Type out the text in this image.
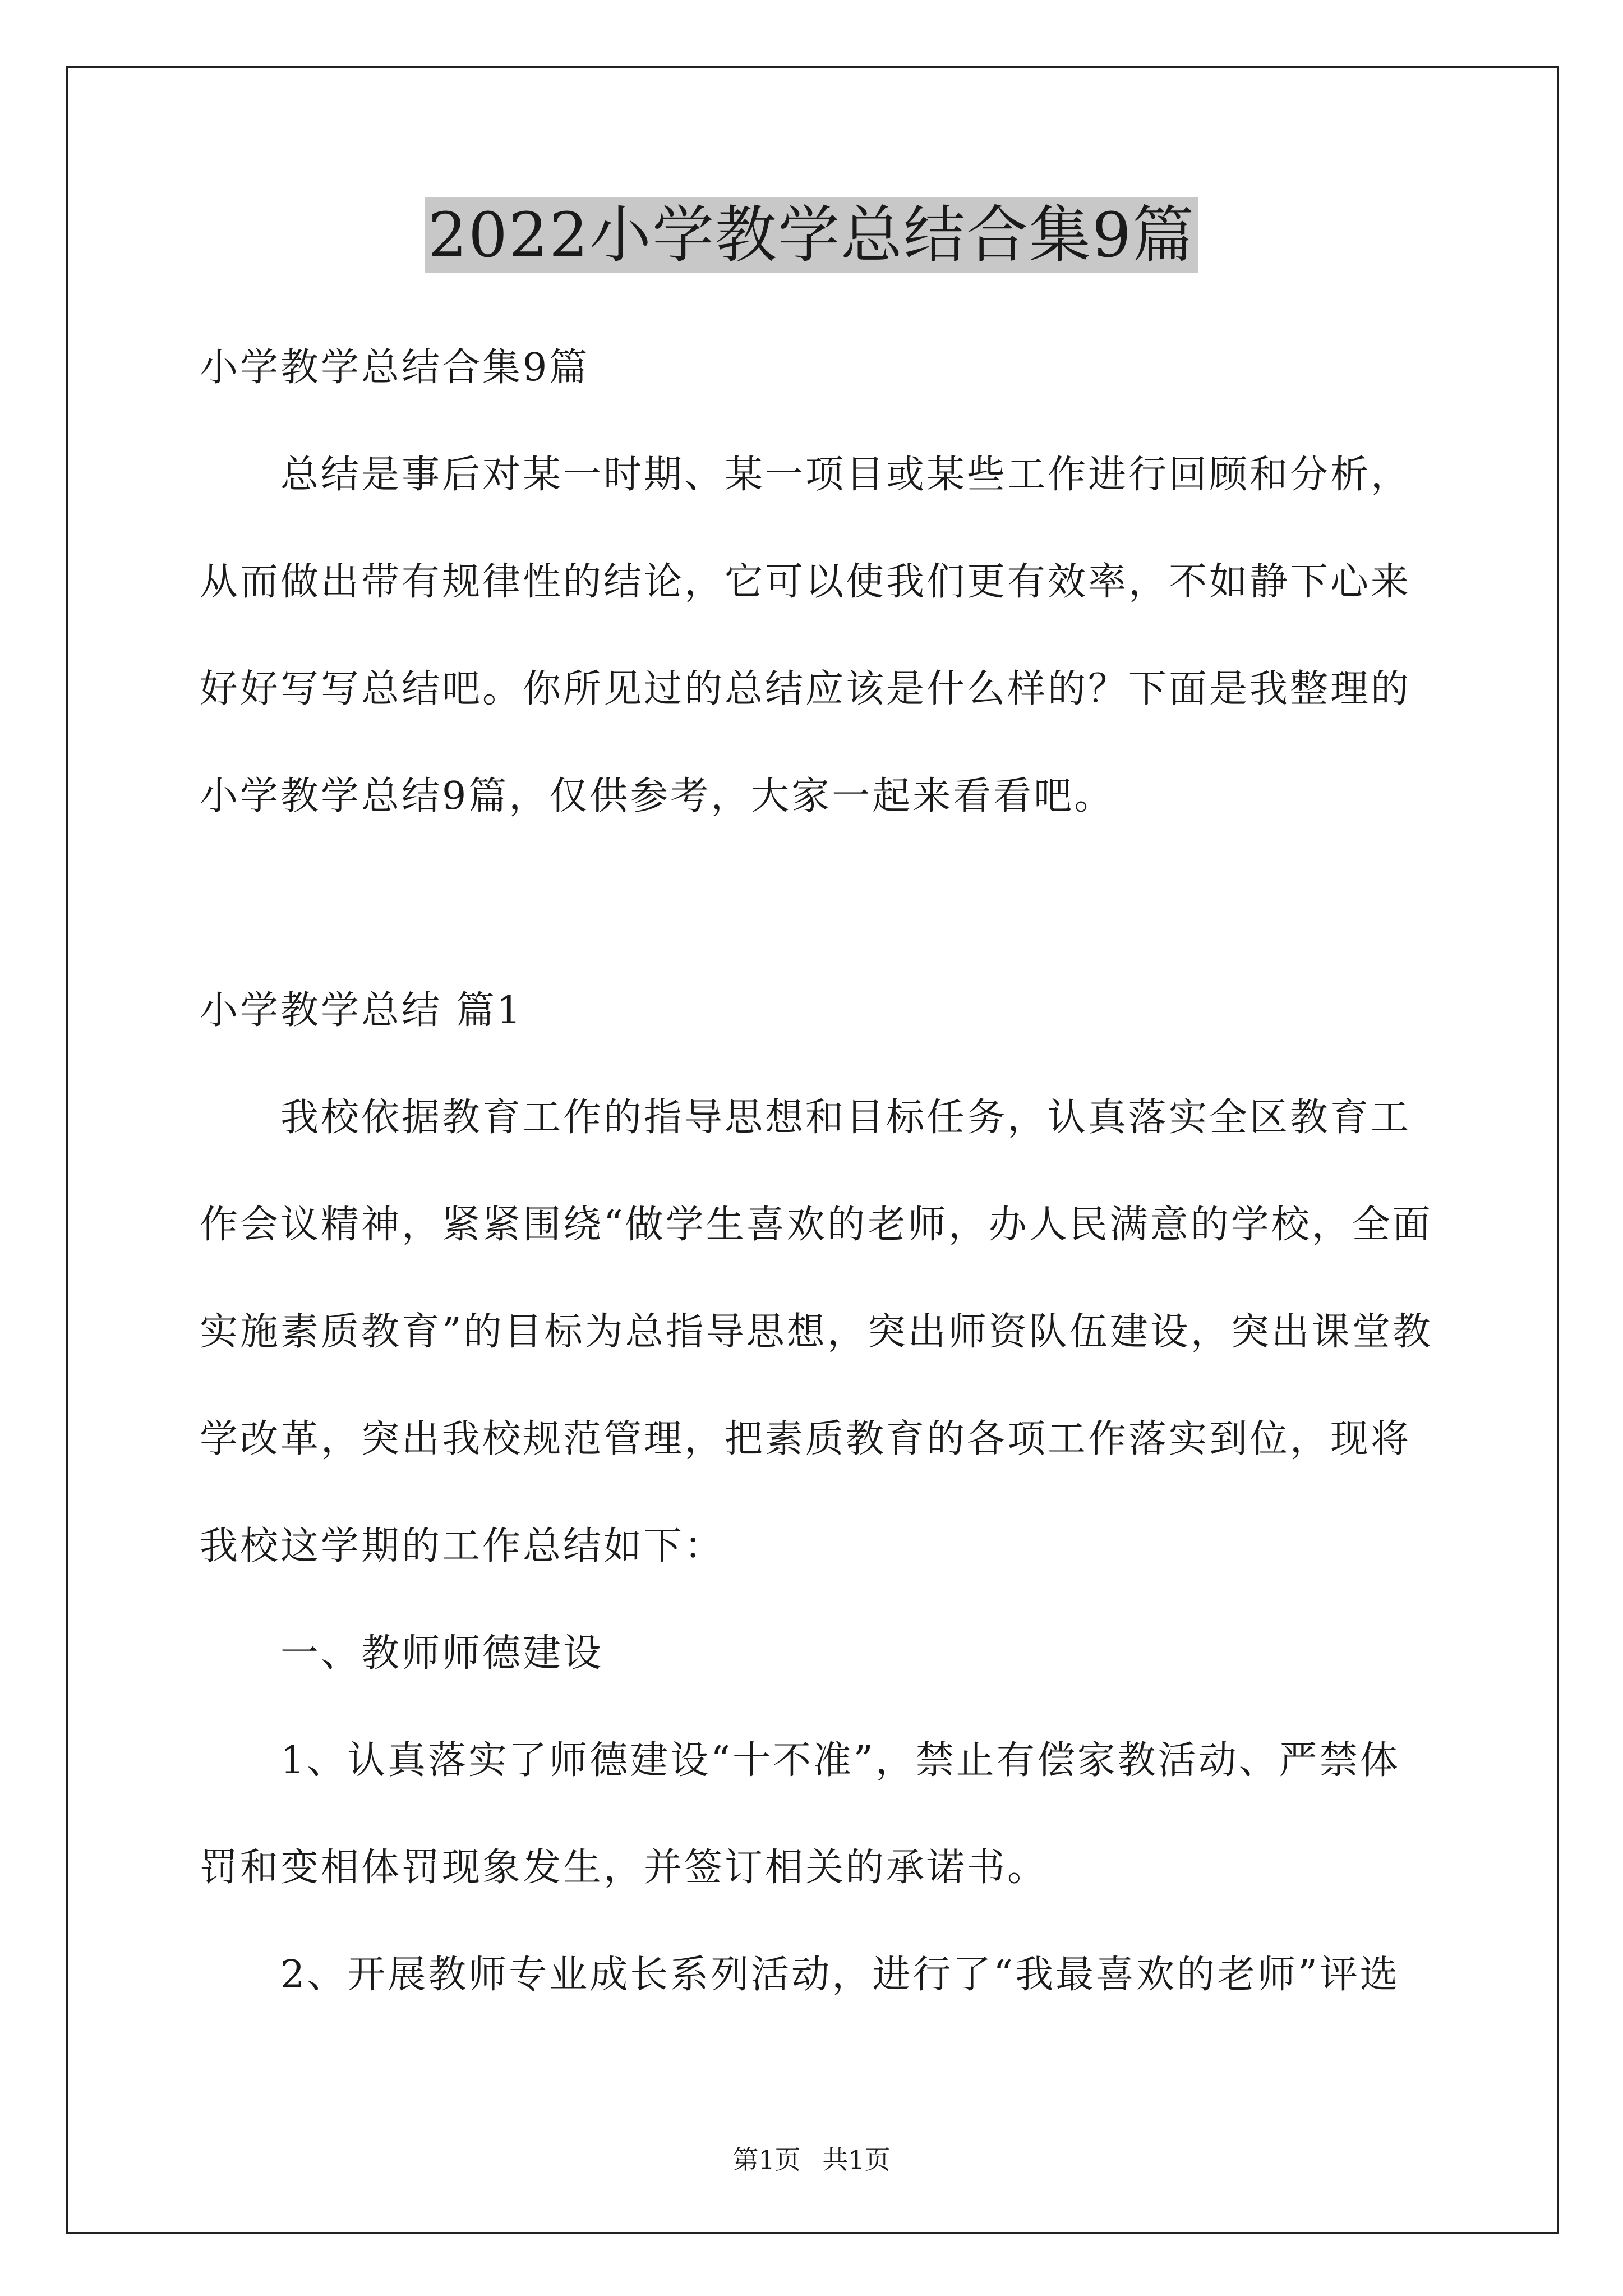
2022小学教学总结合集9篇

小学教学总结合集9篇

总结是事后对某一时期、某一项目或某些工作进行回顾和分析，从而做出带有规律性的结论，它可以使我们更有效率，不如静下心来好好写写总结吧。你所见过的总结应该是什么样的？下面是我整理的小学教学总结9篇，仅供参考，大家一起来看看吧。

小学教学总结 篇1

我校依据教育工作的指导思想和目标任务，认真落实全区教育工作会议精神，紧紧围绕“做学生喜欢的老师，办人民满意的学校，全面实施素质教育”的目标为总指导思想，突出师资队伍建设，突出课堂教学改革，突出我校规范管理，把素质教育的各项工作落实到位，现将我校这学期的工作总结如下：

一、教师师德建设

1、认真落实了师德建设“十不准”，禁止有偿家教活动、严禁体罚和变相体罚现象发生，并签订相关的承诺书。

2、开展教师专业成长系列活动，进行了“我最喜欢的老师”评选

第1页 共1页
